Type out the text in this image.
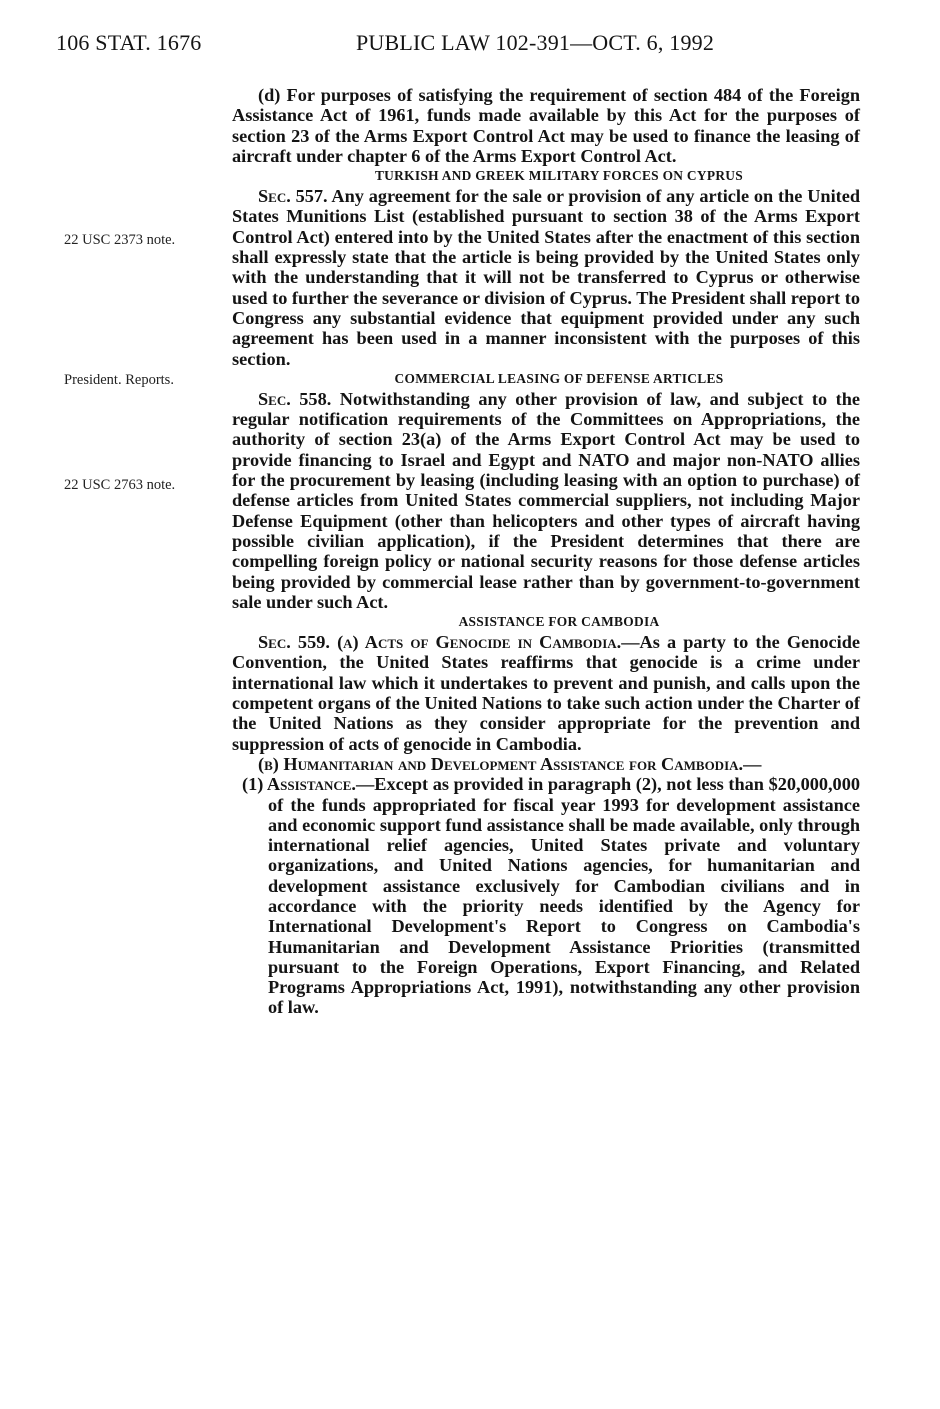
106 STAT. 1676	PUBLIC LAW 102-391—OCT. 6, 1992
22 USC 2373 note.
President. Reports.
22 USC 2763 note.

(d) For purposes of satisfying the requirement of section 484 of the Foreign Assistance Act of 1961, funds made available by this Act for the purposes of section 23 of the Arms Export Control Act may be used to finance the leasing of aircraft under chapter 6 of the Arms Export Control Act.

TURKISH AND GREEK MILITARY FORCES ON CYPRUS

Sec. 557. Any agreement for the sale or provision of any article on the United States Munitions List (established pursuant to section 38 of the Arms Export Control Act) entered into by the United States after the enactment of this section shall expressly state that the article is being provided by the United States only with the understanding that it will not be transferred to Cyprus or otherwise used to further the severance or division of Cyprus. The President shall report to Congress any substantial evidence that equipment provided under any such agreement has been used in a manner inconsistent with the purposes of this section.

COMMERCIAL LEASING OF DEFENSE ARTICLES

Sec. 558. Notwithstanding any other provision of law, and subject to the regular notification requirements of the Committees on Appropriations, the authority of section 23(a) of the Arms Export Control Act may be used to provide financing to Israel and Egypt and NATO and major non-NATO allies for the procurement by leasing (including leasing with an option to purchase) of defense articles from United States commercial suppliers, not including Major Defense Equipment (other than helicopters and other types of aircraft having possible civilian application), if the President determines that there are compelling foreign policy or national security reasons for those defense articles being provided by commercial lease rather than by government-to-government sale under such Act.

ASSISTANCE FOR CAMBODIA

Sec. 559. (a) Acts of Genocide in Cambodia.—As a party to the Genocide Convention, the United States reaffirms that genocide is a crime under international law which it undertakes to prevent and punish, and calls upon the competent organs of the United Nations to take such action under the Charter of the United Nations as they consider appropriate for the prevention and suppression of acts of genocide in Cambodia.

(b) Humanitarian and Development Assistance for Cambodia.—

(1) Assistance.—Except as provided in paragraph (2), not less than $20,000,000 of the funds appropriated for fiscal year 1993 for development assistance and economic support fund assistance shall be made available, only through international relief agencies, United States private and voluntary organizations, and United Nations agencies, for humanitarian and development assistance exclusively for Cambodian civilians and in accordance with the priority needs identified by the Agency for International Development's Report to Congress on Cambodia's Humanitarian and Development Assistance Priorities (transmitted pursuant to the Foreign Operations, Export Financing, and Related Programs Appropriations Act, 1991), notwithstanding any other provision of law.
